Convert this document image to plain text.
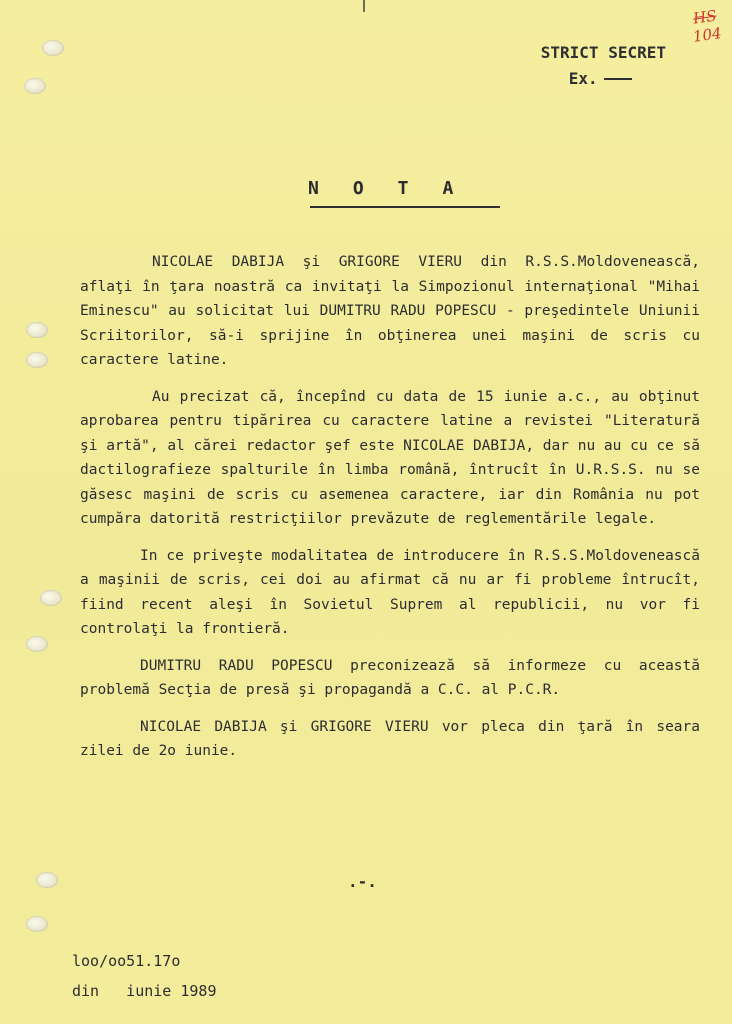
HS
104
STRICT SECRET
Ex.
NOTA

NICOLAE DABIJA şi GRIGORE VIERU din R.S.S.Moldovenească, aflaţi în ţara noastră ca invitaţi la Simpozionul internaţional "Mihai Eminescu" au solicitat lui DUMITRU RADU POPESCU - preşedintele Uniunii Scriitorilor, să-i sprijine în obţinerea unei maşini de scris cu caractere latine.

Au precizat că, începînd cu data de 15 iunie a.c., au obţinut aprobarea pentru tipărirea cu caractere latine a revistei "Literatură şi artă", al cărei redactor şef este NICOLAE DABIJA, dar nu au cu ce să dactilografieze spalturile în limba română, întrucît în U.R.S.S. nu se găsesc maşini de scris cu asemenea caractere, iar din România nu pot cumpăra datorită restricţiilor prevăzute de reglementările legale.

In ce priveşte modalitatea de introducere în R.S.S.Moldovenească a maşinii de scris, cei doi au afirmat că nu ar fi probleme întrucît, fiind recent aleşi în Sovietul Suprem al republicii, nu vor fi controlaţi la frontieră.

DUMITRU RADU POPESCU preconizează să informeze cu această problemă Secţia de presă şi propagandă a C.C. al P.C.R.

NICOLAE DABIJA şi GRIGORE VIERU vor pleca din ţară în seara zilei de 2o iunie.

.-.
loo/oo51.17o
din   iunie 1989
